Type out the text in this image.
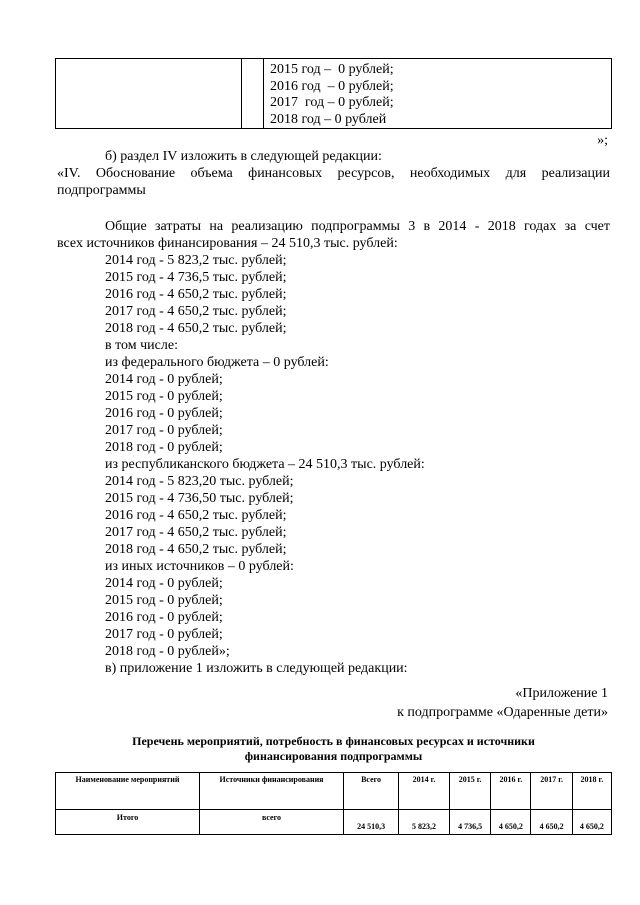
2015 год –  0 рублей;
2016 год  – 0 рублей;
2017  год – 0 рублей;
2018 год – 0 рублей
»;
б) раздел IV изложить в следующей редакции:
«IV. Обоснование объема финансовых ресурсов, необходимых для реализации
подпрограммы
Общие затраты на реализацию подпрограммы 3 в 2014 - 2018 годах за счет
всех источников финансирования – 24 510,3 тыс. рублей:
2014 год - 5 823,2 тыс. рублей;
2015 год - 4 736,5 тыс. рублей;
2016 год - 4 650,2 тыс. рублей;
2017 год - 4 650,2 тыс. рублей;
2018 год - 4 650,2 тыс. рублей;
в том числе:
из федерального бюджета – 0 рублей:
2014 год - 0 рублей;
2015 год - 0 рублей;
2016 год - 0 рублей;
2017 год - 0 рублей;
2018 год - 0 рублей;
из республиканского бюджета – 24 510,3 тыс. рублей:
2014 год - 5 823,20 тыс. рублей;
2015 год - 4 736,50 тыс. рублей;
2016 год - 4 650,2 тыс. рублей;
2017 год - 4 650,2 тыс. рублей;
2018 год - 4 650,2 тыс. рублей;
из иных источников – 0 рублей:
2014 год - 0 рублей;
2015 год - 0 рублей;
2016 год - 0 рублей;
2017 год - 0 рублей;
2018 год - 0 рублей»;
в) приложение 1 изложить в следующей редакции:
«Приложение 1
к подпрограмме «Одаренные дети»
Перечень мероприятий, потребность в финансовых ресурсах и источники
финансирования подпрограммы
Наименование мероприятий	Источники финансирования	Всего	2014 г.	2015 г.	2016 г.	2017 г.	2018 г.
Итого	всего	24 510,3	5 823,2	4 736,5	4 650,2	4 650,2	4 650,2
